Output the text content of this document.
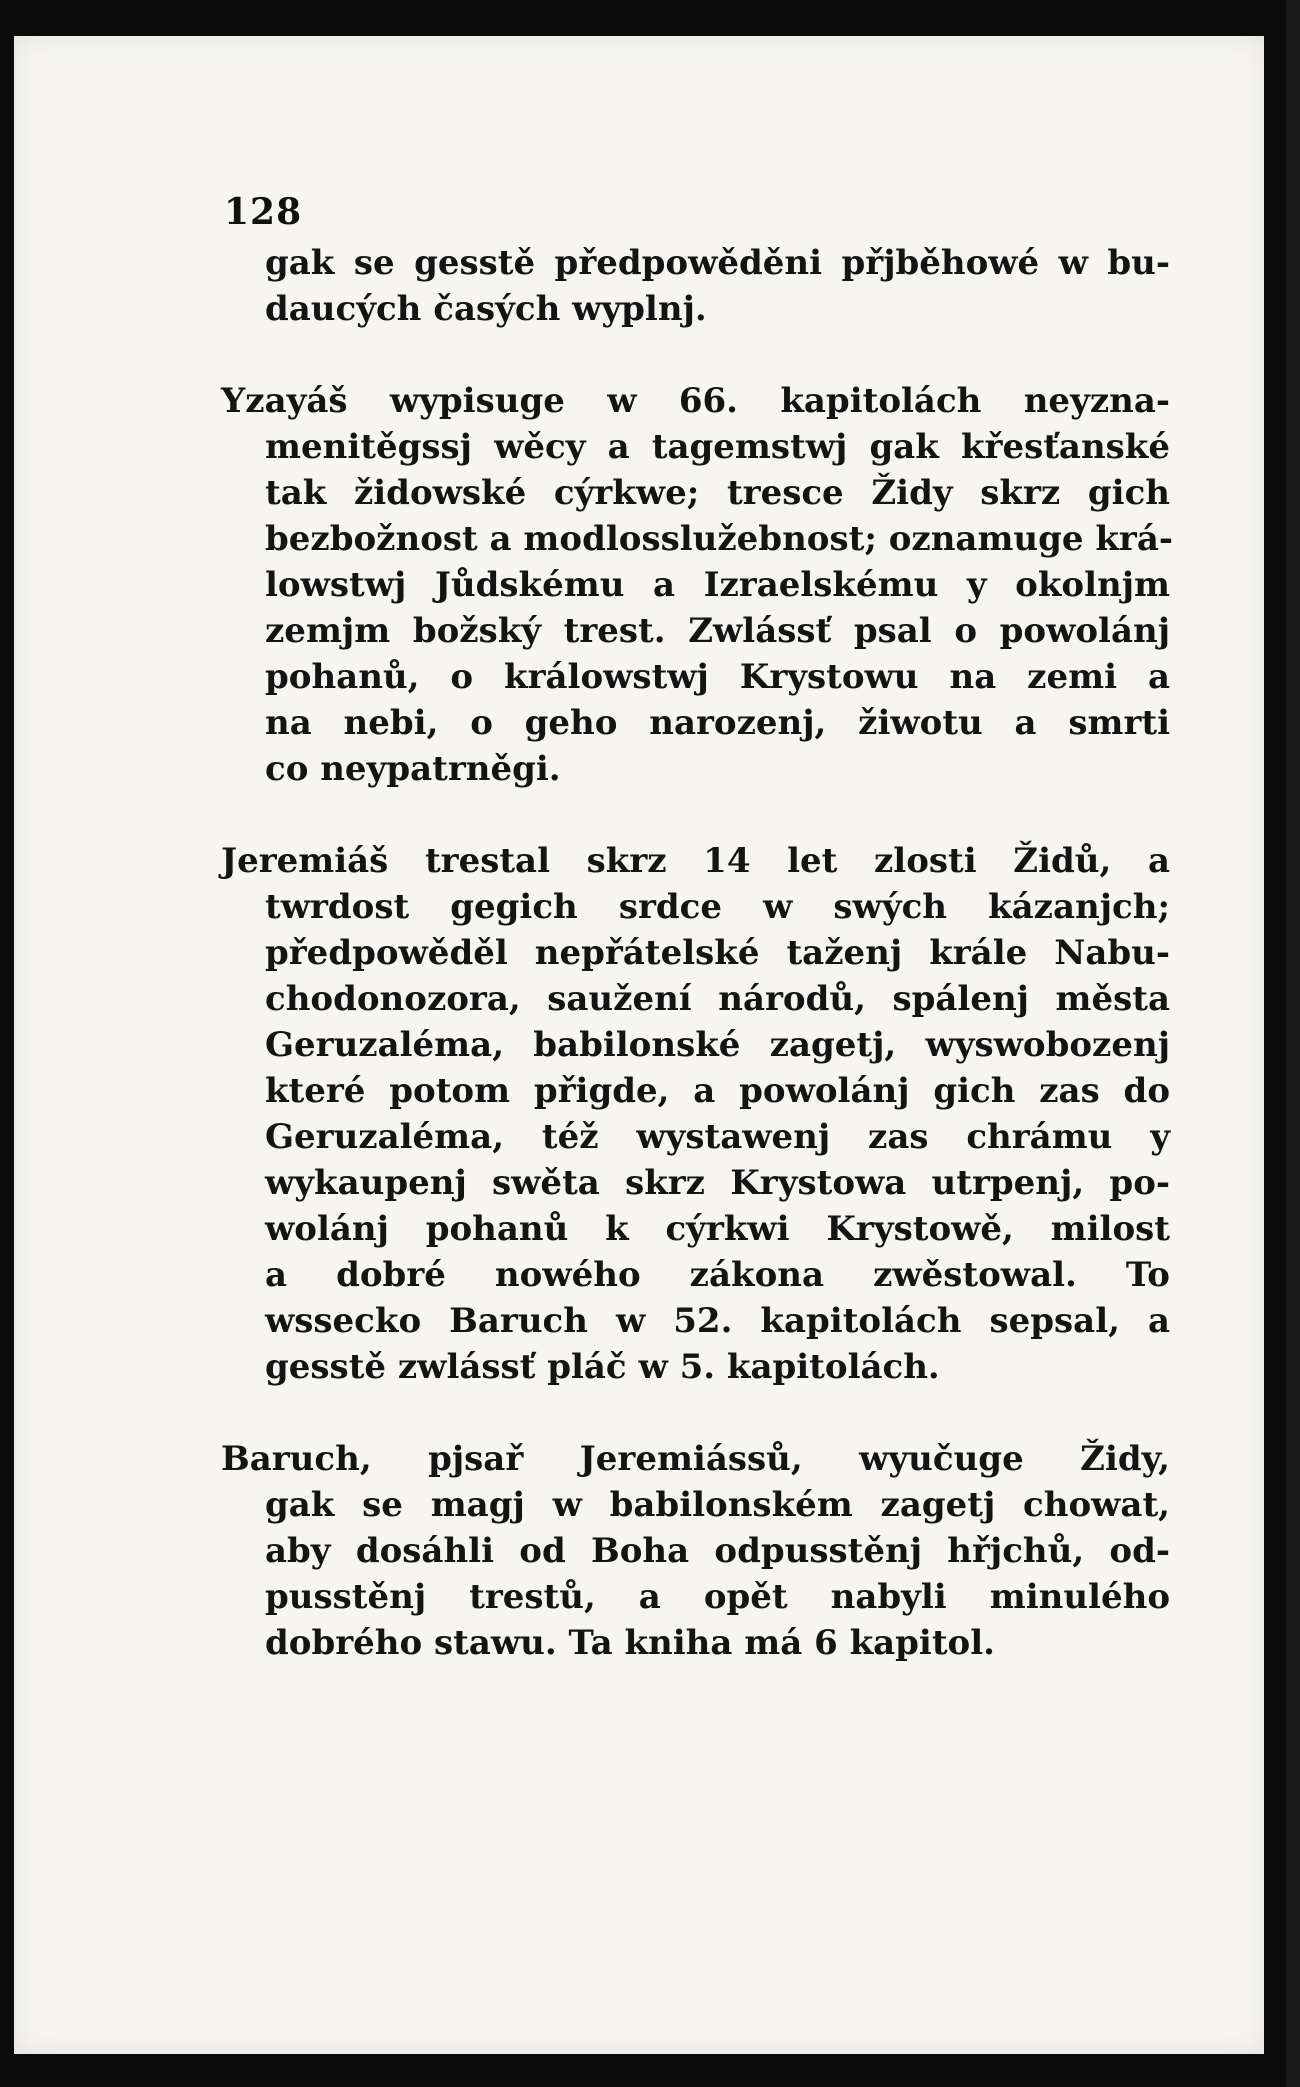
128

gak se gesstě předpowěděni přjběhowé w bu-
daucých časých wyplnj.

Yzayáš wypisuge w 66. kapitolách neyzna-
menitěgssj wěcy a tagemstwj gak křesťanské
tak židowské cýrkwe; tresce Židy skrz gich
bezbožnost a modlosslužebnost; oznamuge krá-
lowstwj Jůdskému a Izraelskému y okolnjm
zemjm božský trest. Zwlássť psal o powolánj
pohanů, o králowstwj Krystowu na zemi a
na nebi, o geho narozenj, žiwotu a smrti
co neypatrněgi.

Jeremiáš trestal skrz 14 let zlosti Židů, a
twrdost gegich srdce w swých kázanjch;
předpowěděl nepřátelské taženj krále Nabu-
chodonozora, saužení národů, spálenj města
Geruzaléma, babilonské zagetj, wyswobozenj
které potom přigde, a powolánj gich zas do
Geruzaléma, též wystawenj zas chrámu y
wykaupenj swěta skrz Krystowa utrpenj, po-
wolánj pohanů k cýrkwi Krystowě, milost
a dobré nowého zákona zwěstowal. To
wssecko Baruch w 52. kapitolách sepsal, a
gesstě zwlássť pláč w 5. kapitolách.

Baruch, pjsař Jeremiássů, wyučuge Židy,
gak se magj w babilonském zagetj chowat,
aby dosáhli od Boha odpusstěnj hřjchů, od-
pusstěnj trestů, a opět nabyli minulého
dobrého stawu. Ta kniha má 6 kapitol.
